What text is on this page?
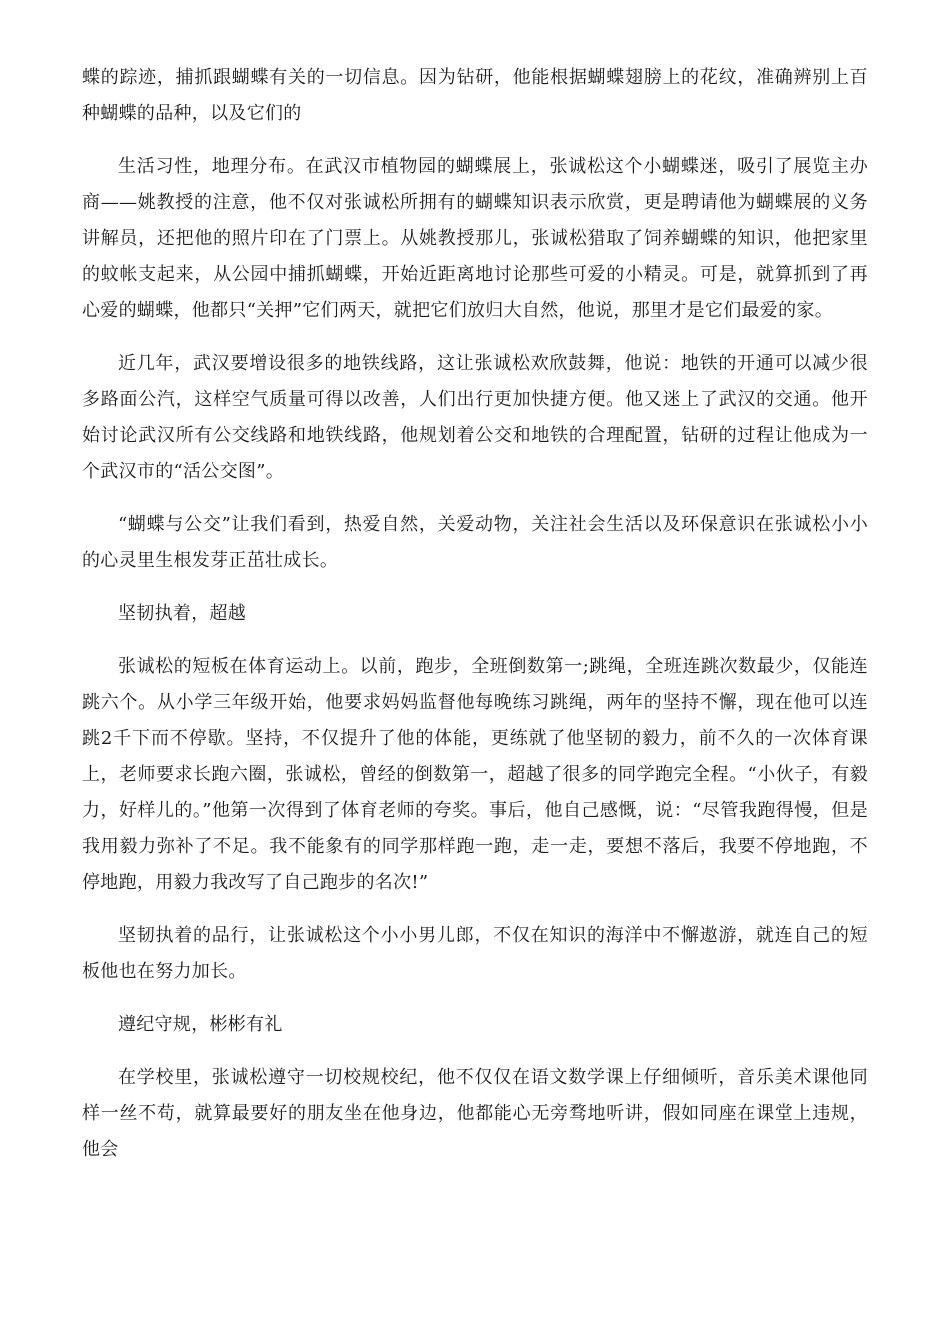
蝶的踪迹，捕抓跟蝴蝶有关的一切信息。因为钻研，他能根据蝴蝶翅膀上的花纹，准确辨别上百种蝴蝶的品种，以及它们的

生活习性，地理分布。在武汉市植物园的蝴蝶展上，张诚松这个小蝴蝶迷，吸引了展览主办商——姚教授的注意，他不仅对张诚松所拥有的蝴蝶知识表示欣赏，更是聘请他为蝴蝶展的义务讲解员，还把他的照片印在了门票上。从姚教授那儿，张诚松猎取了饲养蝴蝶的知识，他把家里的蚊帐支起来，从公园中捕抓蝴蝶，开始近距离地讨论那些可爱的小精灵。可是，就算抓到了再心爱的蝴蝶，他都只“关押”它们两天，就把它们放归大自然，他说，那里才是它们最爱的家。

近几年，武汉要增设很多的地铁线路，这让张诚松欢欣鼓舞，他说：地铁的开通可以减少很多路面公汽，这样空气质量可得以改善，人们出行更加快捷方便。他又迷上了武汉的交通。他开始讨论武汉所有公交线路和地铁线路，他规划着公交和地铁的合理配置，钻研的过程让他成为一个武汉市的“活公交图”。

“蝴蝶与公交”让我们看到，热爱自然，关爱动物，关注社会生活以及环保意识在张诚松小小的心灵里生根发芽正茁壮成长。

坚韧执着，超越

张诚松的短板在体育运动上。以前，跑步，全班倒数第一;跳绳，全班连跳次数最少，仅能连跳六个。从小学三年级开始，他要求妈妈监督他每晚练习跳绳，两年的坚持不懈，现在他可以连跳2千下而不停歇。坚持，不仅提升了他的体能，更练就了他坚韧的毅力，前不久的一次体育课上，老师要求长跑六圈，张诚松，曾经的倒数第一，超越了很多的同学跑完全程。“小伙子，有毅力，好样儿的。”他第一次得到了体育老师的夸奖。事后，他自己感慨，说：“尽管我跑得慢，但是我用毅力弥补了不足。我不能象有的同学那样跑一跑，走一走，要想不落后，我要不停地跑，不停地跑，用毅力我改写了自己跑步的名次!”

坚韧执着的品行，让张诚松这个小小男儿郎，不仅在知识的海洋中不懈遨游，就连自己的短板他也在努力加长。

遵纪守规，彬彬有礼

在学校里，张诚松遵守一切校规校纪，他不仅仅在语文数学课上仔细倾听，音乐美术课他同样一丝不苟，就算最要好的朋友坐在他身边，他都能心无旁骛地听讲，假如同座在课堂上违规，他会
